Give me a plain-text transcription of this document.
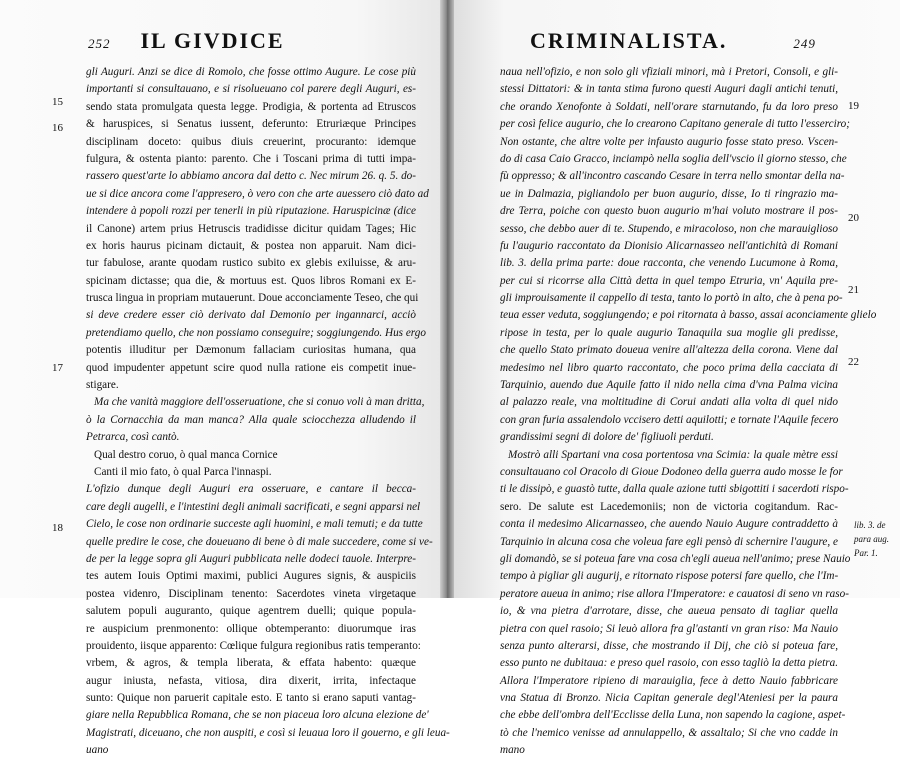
252 IL GIVDICE
gli Auguri. Anzi se dice di Romolo, che fosse ottimo Augure. Le cose più
importanti si consultauano, e si risolueuano col parere degli Auguri, es-
sendo stata promulgata questa legge. Prodigia, & portenta ad Etruscos
& haruspices, si Senatus iussent, deferunto: Etruriæque Principes
disciplinam doceto: quibus diuis creuerint, procuranto: idemque
fulgura, & ostenta pianto: parento. Che i Toscani prima di tutti impa-
rassero quest'arte lo abbiamo ancora dal detto c. Nec mirum 26. q. 5. do-
ue si dice ancora come l'appresero, ò vero con che arte auessero ciò dato ad
intendere à popoli rozzi per tenerli in più riputazione. Haruspicinæ (dice
il Canone) artem prius Hetruscis tradidisse dicitur quidam Tages; Hic
ex horis haurus picinam dictauit, & postea non apparuit. Nam dici-
tur fabulose, arante quodam rustico subito ex glebis exiluisse, & aru-
spicinam dictasse; qua die, & mortuus est. Quos libros Romani ex E-
trusca lingua in propriam mutauerunt. Doue acconciamente Teseo, che qui
si deve credere esser ciò derivato dal Demonio per ingannarci, acciò
pretendiamo quello, che non possiamo conseguire; soggiungendo. Hus ergo
potentis illuditur per Dæmonum fallaciam curiositas humana, qua
quod impudenter appetunt scire quod nulla ratione eis competit inue-
stigare.
Ma che vanità maggiore dell'osseruatione, che si conuo voli à man dritta,
ò la Cornacchia da man manca? Alla quale sciocchezza alludendo il
Petrarca, così cantò.
Qual destro coruo, ò qual manca Cornice
Canti il mio fato, ò qual Parca l'innaspi.
L'ofizio dunque degli Auguri era osseruare, e cantare il becca-
care degli augelli, e l'intestini degli animali sacrificati, e segni apparsi nel
Cielo, le cose non ordinarie succeste agli huomini, e mali temuti; e da tutte
quelle predire le cose, che doueuano di bene ò di male succedere, come si ve-
de per la legge sopra gli Auguri pubblicata nelle dodeci tauole. Interpre-
tes autem Iouis Optimi maximi, publici Augures signis, & auspiciis
postea videnro, Disciplinam tenento: Sacerdotes vineta virgetaque
salutem populi auguranto, quique agentrem duelli; quique popula-
re auspicium prenmonento: ollique obtemperanto: diuorumque iras
prouidento, iisque apparento: Cœlique fulgura regionibus ratis temperanto:
vrbem, & agros, & templa liberata, & effata habento: quæque
augur iniusta, nefasta, vitiosa, dira dixerit, irrita, infectaque
sunto: Quique non paruerit capitale esto. E tanto si erano saputi vantag-
giare nella Repubblica Romana, che se non piaceua loro alcuna elezione de'
Magistrati, diceuano, che non auspiti, e così si leuaua loro il gouerno, e gli leua-
uano
15
16
17
18
CRIMINALISTA.	249
naua nell'ofizio, e non solo gli vfiziali minori, mà i Pretori, Consoli, e gli-
stessi Dittatori: & in tanta stima furono questi Auguri dagli antichi tenuti,
che orando Xenofonte à Soldati, nell'orare starnutando, fu da loro preso
per così felice augurio, che lo crearono Capitano generale di tutto l'esserciro;
Non ostante, che altre volte per infausto augurio fosse stato preso. Vscen-
do di casa Caio Gracco, inciampò nella soglia dell'vscio il giorno stesso, che
fù oppresso; & all'incontro cascando Cesare in terra nello smontar della na-
ue in Dalmazia, pigliandolo per buon augurio, disse, Io ti ringrazio ma-
dre Terra, poiche con questo buon augurio m'hai voluto mostrare il pos-
sesso, che debbo auer di te. Stupendo, e miracoloso, non che marauiglioso
fu l'augurio raccontato da Dionisio Alicarnasseo nell'antichità di Romani
lib. 3. della prima parte: doue racconta, che venendo Lucumone à Roma,
per cui si ricorrse alla Città detta in quel tempo Etruria, vn' Aquila pre-
gli improuisamente il cappello di testa, tanto lo portò in alto, che à pena po-
teua esser veduta, soggiungendo; e poi ritornata à basso, assai aconciamente glielo
ripose in testa, per lo quale augurio Tanaquila sua moglie gli predisse,
che quello Stato primato doueua venire all'altezza della corona. Viene dal
medesimo nel libro quarto raccontato, che poco prima della cacciata di
Tarquinio, auendo due Aquile fatto il nido nella cima d'vna Palma vicina
al palazzo reale, vna moltitudine di Corui andati alla volta di quel nido
con gran furia assalendolo vccisero detti aquilotti; e tornate l'Aquile fecero
grandissimi segni di dolore de' figliuoli perduti.
Mostrò alli Spartani vna cosa portentosa vna Scimia: la quale mètre essi
consultauano col Oracolo di Gioue Dodoneo della guerra audo mosse le for
ti le dissipò, e guastò tutte, dalla quale azione tutti sbigottiti i sacerdoti rispo-
sero. De salute est Lacedemoniis; non de victoria cogitandum. Rac-
conta il medesimo Alicarnasseo, che auendo Nauio Augure contraddetto à
Tarquinio in alcuna cosa che voleua fare egli pensò di schernire l'augure, e
gli domandò, se si poteua fare vna cosa ch'egli aueua nell'animo; prese Nauio
tempo à pigliar gli augurij, e ritornato rispose potersi fare quello, che l'Im-
peratore aueua in animo; rise allora l'Imperatore: e cauatosi di seno vn raso-
io, & vna pietra d'arrotare, disse, che aueua pensato di tagliar quella
pietra con quel rasoio; Si leuò allora fra gl'astanti vn gran riso: Ma Nauio
senza punto alterarsi, disse, che mostrando il Dij, che ciò si poteua fare,
esso punto ne dubitaua: e preso quel rasoio, con esso tagliò la detta pietra.
Allora l'Imperatore ripieno di marauiglia, fece à detto Nauio fabbricare
vna Statua di Bronzo. Nicia Capitan generale degl'Ateniesi per la paura
che ebbe dell'ombra dell'Ecclisse della Luna, non sapendo la cagione, aspet-
tò che l'nemico venisse ad annulappello, & assaltalo; Si che vno cadde in
mano
19
20
21
22
lib. 3. de para aug. Par. 1.
